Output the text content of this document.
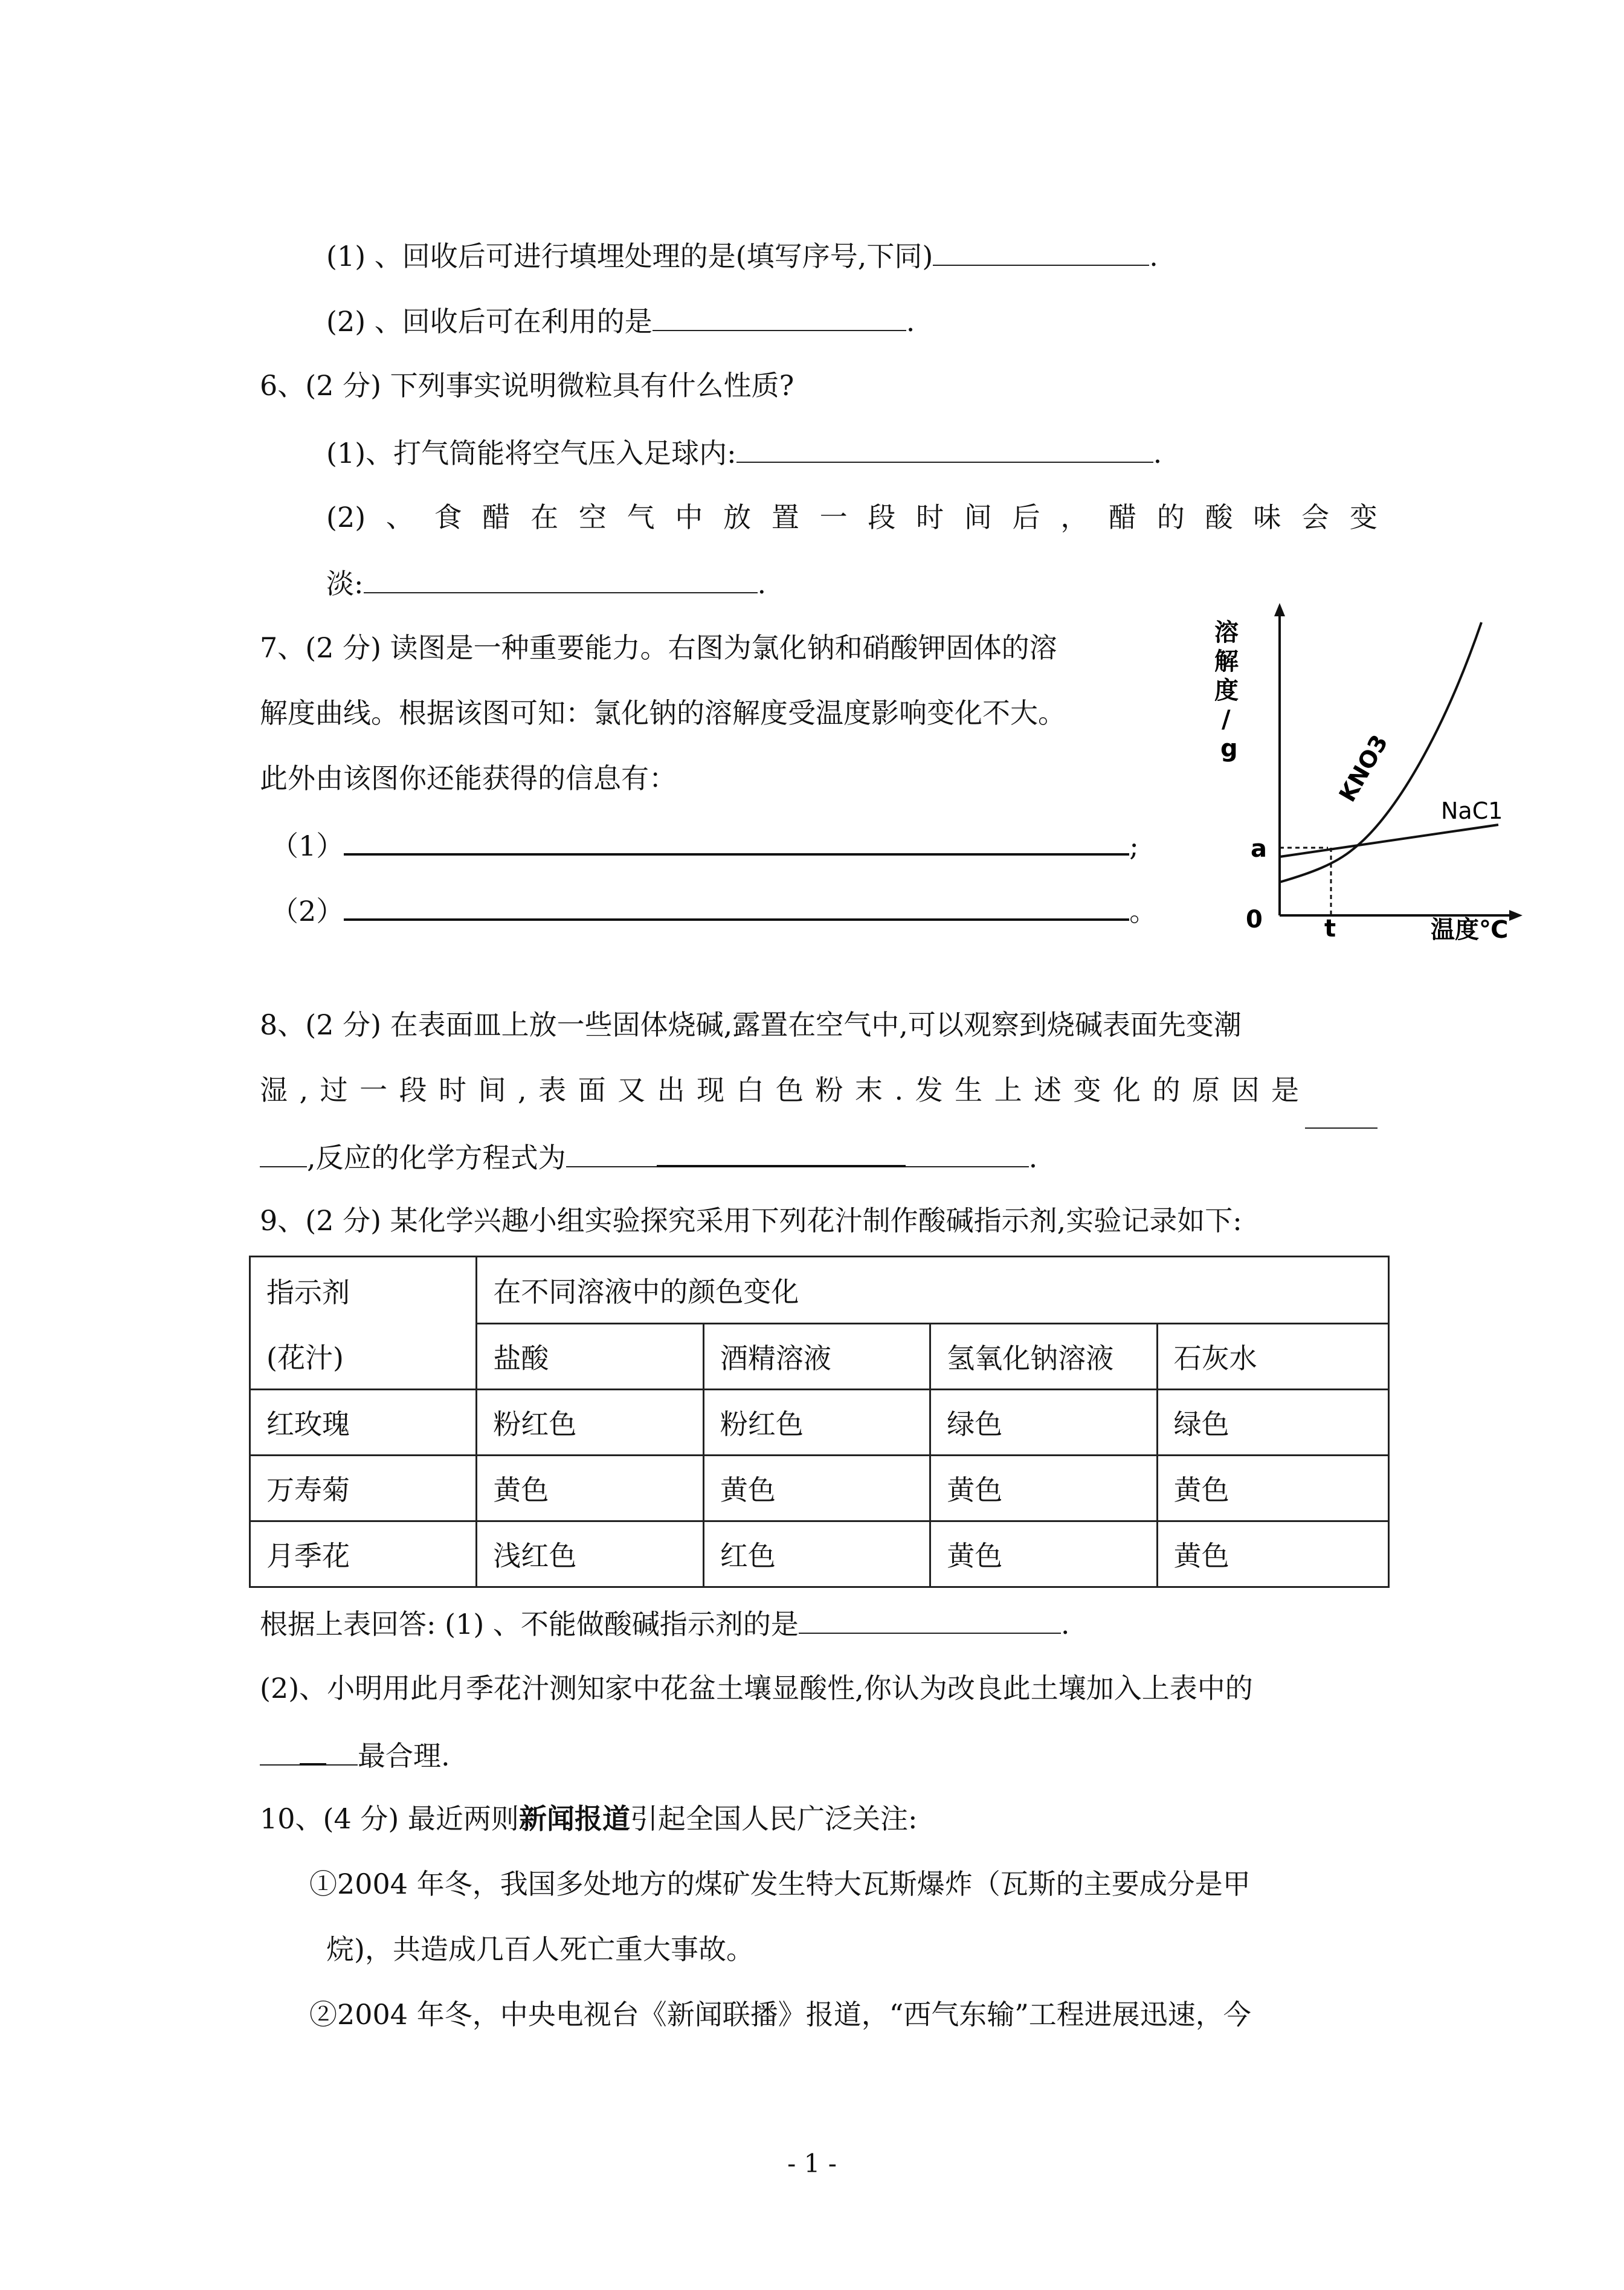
(1) 、回收后可进行填埋处理的是(填写序号,下同)	.
(2) 、回收后可在利用的是	.
6、(2 分) 下列事实说明微粒具有什么性质?
(1)、打气筒能将空气压入足球内:	.
(2) 、 食 醋 在 空 气 中 放 置 一 段 时 间 后 ， 醋 的 酸 味 会 变
淡:	.
7、(2 分) 读图是一种重要能力。右图为氯化钠和硝酸钾固体的溶
解度曲线。根据该图可知：氯化钠的溶解度受温度影响变化不大。
此外由该图你还能获得的信息有：
（1）	;
（2）	。
溶
解
度
/
g	KNO3
NaC1
a
0	t	温度℃
8、(2 分) 在表面皿上放一些固体烧碱,露置在空气中,可以观察到烧碱表面先变潮
湿 , 过 一 段 时 间 , 表 面 又 出 现 白 色 粉 末 . 发 生 上 述 变 化 的 原 因 是
,反应的化学方程式为	.
9、(2 分) 某化学兴趣小组实验探究采用下列花汁制作酸碱指示剂,实验记录如下:
指示剂	在不同溶液中的颜色变化			
(花汁)	盐酸	酒精溶液	氢氧化钠溶液	石灰水
红玫瑰	粉红色	粉红色	绿色	绿色
万寿菊	黄色	黄色	黄色	黄色
月季花	浅红色	红色	黄色	黄色
根据上表回答: (1) 、不能做酸碱指示剂的是	.
(2)、小明用此月季花汁测知家中花盆土壤显酸性,你认为改良此土壤加入上表中的
最合理.
10、(4 分) 最近两则新闻报道引起全国人民广泛关注:
①2004 年冬，我国多处地方的煤矿发生特大瓦斯爆炸（瓦斯的主要成分是甲
烷)，共造成几百人死亡重大事故。
②2004 年冬，中央电视台《新闻联播》报道，“西气东输”工程进展迅速，今
- 1 -
